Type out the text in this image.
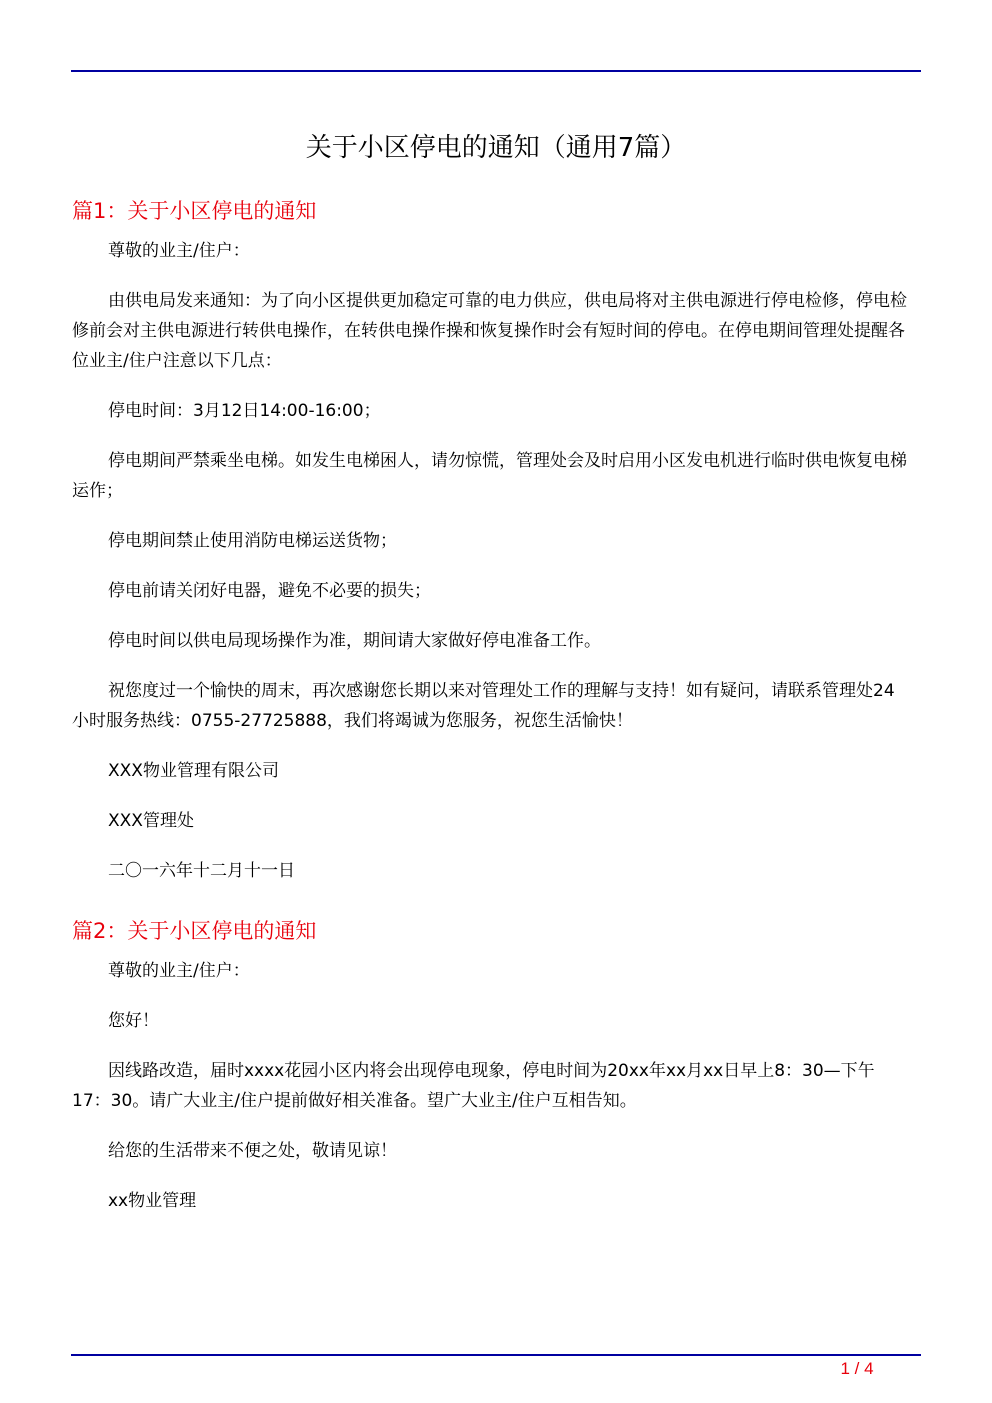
关于小区停电的通知（通用7篇）
篇1：关于小区停电的通知

尊敬的业主/住户：

由供电局发来通知：为了向小区提供更加稳定可靠的电力供应，供电局将对主供电源进行停电检修，停电检修前会对主供电源进行转供电操作，在转供电操作操和恢复操作时会有短时间的停电。在停电期间管理处提醒各位业主/住户注意以下几点：

停电时间：3月12日14:00-16:00；

停电期间严禁乘坐电梯。如发生电梯困人，请勿惊慌，管理处会及时启用小区发电机进行临时供电恢复电梯运作；

停电期间禁止使用消防电梯运送货物；

停电前请关闭好电器，避免不必要的损失；

停电时间以供电局现场操作为准，期间请大家做好停电准备工作。

祝您度过一个愉快的周末，再次感谢您长期以来对管理处工作的理解与支持！如有疑问，请联系管理处24小时服务热线：0755-27725888，我们将竭诚为您服务，祝您生活愉快！

XXX物业管理有限公司

XXX管理处

二〇一六年十二月十一日

篇2：关于小区停电的通知

尊敬的业主/住户：

您好！

因线路改造，届时xxxx花园小区内将会出现停电现象，停电时间为20xx年xx月xx日早上8：30—下午17：30。请广大业主/住户提前做好相关准备。望广大业主/住户互相告知。

给您的生活带来不便之处，敬请见谅！

xx物业管理

1 / 4
